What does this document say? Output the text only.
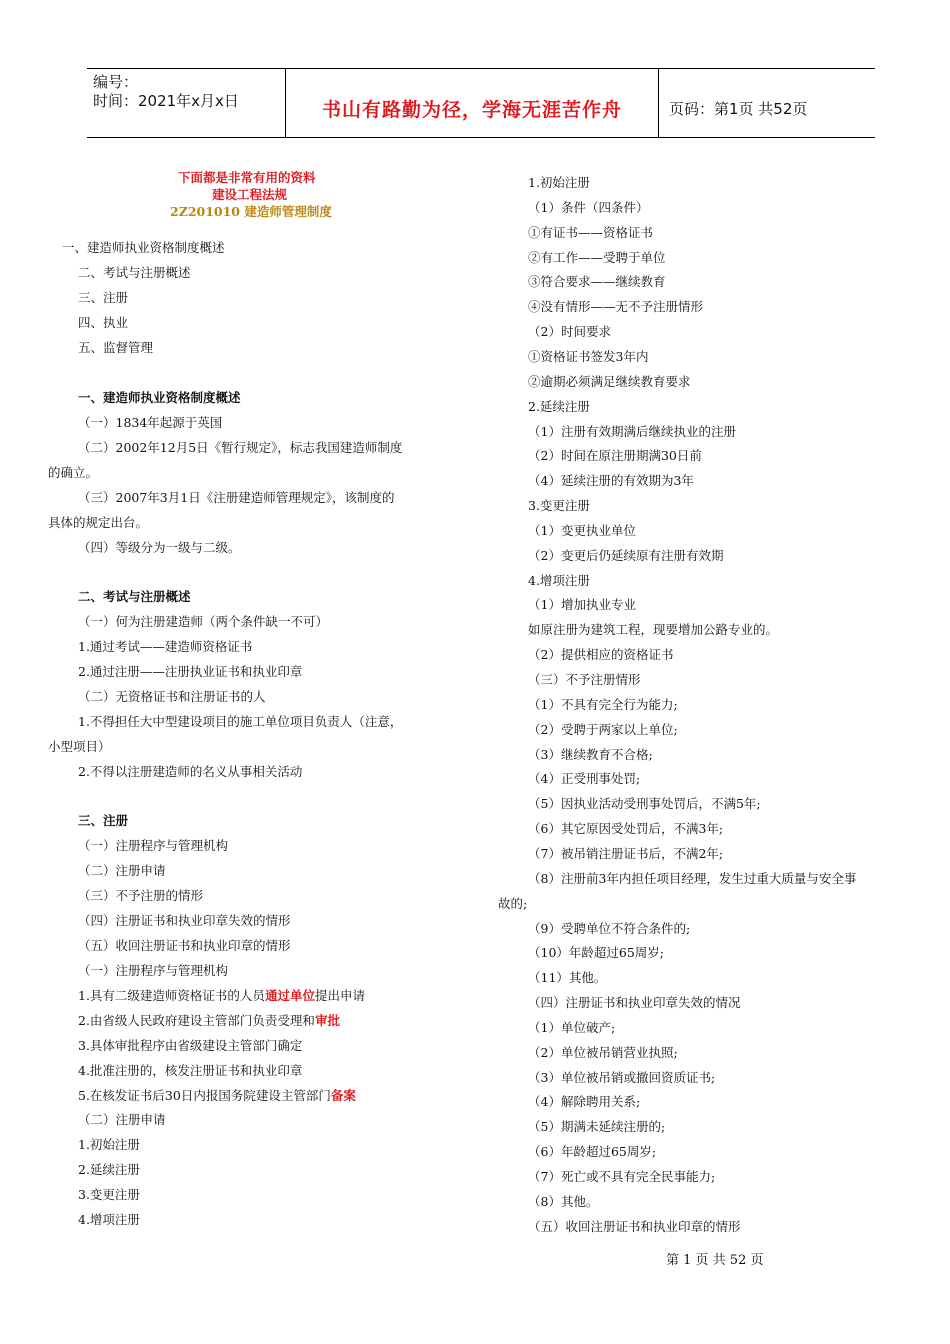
编号：
时间：2021年x月x日	书山有路勤为径，学海无涯苦作舟	页码：第1页 共52页
下面都是非常有用的资料
建设工程法规
2Z201010 建造师管理制度
一、建造师执业资格制度概述
二、考试与注册概述
三、注册
四、执业
五、监督管理
一、建造师执业资格制度概述
（一）1834年起源于英国
（二）2002年12月5日《暂行规定》，标志我国建造师制度
的确立。
（三）2007年3月1日《注册建造师管理规定》，该制度的
具体的规定出台。
（四）等级分为一级与二级。
二、考试与注册概述
（一）何为注册建造师（两个条件缺一不可）
1.通过考试——建造师资格证书
2.通过注册——注册执业证书和执业印章
（二）无资格证书和注册证书的人
1.不得担任大中型建设项目的施工单位项目负责人（注意，
小型项目）
2.不得以注册建造师的名义从事相关活动
三、注册
（一）注册程序与管理机构
（二）注册申请
（三）不予注册的情形
（四）注册证书和执业印章失效的情形
（五）收回注册证书和执业印章的情形
（一）注册程序与管理机构
1.具有二级建造师资格证书的人员通过单位提出申请
2.由省级人民政府建设主管部门负责受理和审批
3.具体审批程序由省级建设主管部门确定
4.批准注册的，核发注册证书和执业印章
5.在核发证书后30日内报国务院建设主管部门备案
（二）注册申请
1.初始注册
2.延续注册
3.变更注册
4.增项注册
1.初始注册
（1）条件（四条件）
①有证书——资格证书
②有工作——受聘于单位
③符合要求——继续教育
④没有情形——无不予注册情形
（2）时间要求
①资格证书签发3年内
②逾期必须满足继续教育要求
2.延续注册
（1）注册有效期满后继续执业的注册
（2）时间在原注册期满30日前
（4）延续注册的有效期为3年
3.变更注册
（1）变更执业单位
（2）变更后仍延续原有注册有效期
4.增项注册
（1）增加执业专业
如原注册为建筑工程，现要增加公路专业的。
（2）提供相应的资格证书
（三）不予注册情形
（1）不具有完全行为能力;
（2）受聘于两家以上单位;
（3）继续教育不合格;
（4）正受刑事处罚;
（5）因执业活动受刑事处罚后，不满5年;
（6）其它原因受处罚后，不满3年;
（7）被吊销注册证书后，不满2年;
（8）注册前3年内担任项目经理，发生过重大质量与安全事
故的;
（9）受聘单位不符合条件的;
（10）年龄超过65周岁;
（11）其他。
（四）注册证书和执业印章失效的情况
（1）单位破产;
（2）单位被吊销营业执照;
（3）单位被吊销或撤回资质证书;
（4）解除聘用关系;
（5）期满未延续注册的;
（6）年龄超过65周岁;
（7）死亡或不具有完全民事能力;
（8）其他。
（五）收回注册证书和执业印章的情形
第 1 页 共 52 页
